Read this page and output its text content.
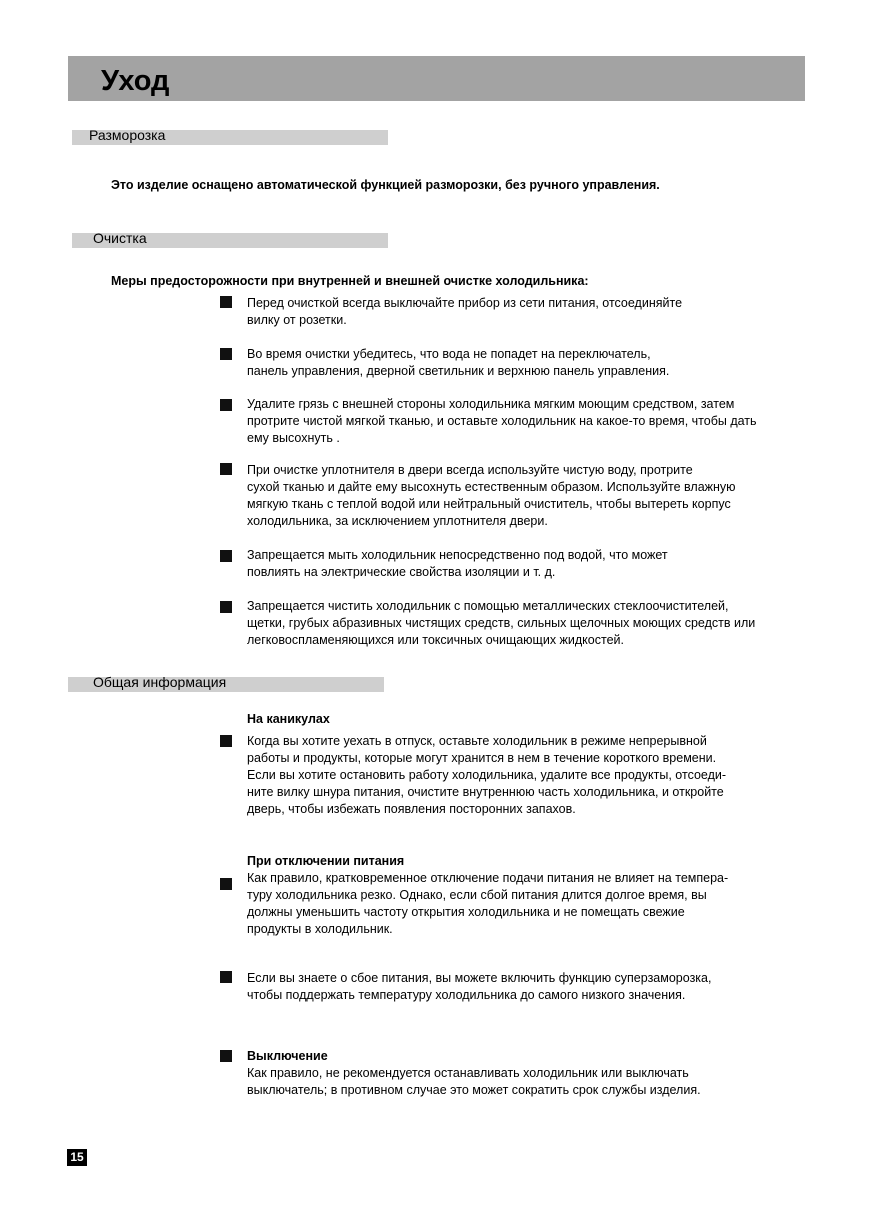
Уход
Разморозка
Это изделие оснащено автоматической функцией разморозки, без ручного управления.
Очистка
Меры предосторожности при внутренней и внешней очистке холодильника:
Перед очисткой всегда выключайте прибор из сети питания, отсоединяйте
вилку от розетки.
Во время очистки убедитесь, что вода не попадет на переключатель,
панель управления, дверной светильник и верхнюю панель управления.
Удалите грязь с внешней стороны холодильника мягким моющим средством, затем
протрите чистой мягкой тканью, и оставьте холодильник на какое-то время, чтобы дать
ему высохнуть .
При очистке уплотнителя в двери всегда используйте чистую воду, протрите
сухой тканью и дайте ему высохнуть естественным образом. Используйте влажную
мягкую ткань с теплой водой или нейтральный очиститель, чтобы вытереть корпус
холодильника, за исключением уплотнителя двери.
Запрещается мыть холодильник непосредственно под водой, что может
повлиять на электрические свойства изоляции и т. д.
Запрещается чистить холодильник с помощью металлических стеклоочистителей,
щетки, грубых абразивных чистящих средств, сильных щелочных моющих средств или
легковоспламеняющихся или токсичных очищающих жидкостей.
Общая информация
На каникулах
Когда вы хотите уехать в отпуск, оставьте холодильник в режиме непрерывной
работы и продукты, которые могут хранится в нем в течение короткого времени.
Если вы хотите остановить работу холодильника, удалите все продукты, отсоеди-
ните вилку шнура питания, очистите внутреннюю часть холодильника, и откройте
дверь, чтобы избежать появления посторонних запахов.
При отключении питания
Как правило, кратковременное отключение подачи питания не влияет на темпера-
туру холодильника резко. Однако, если сбой питания длится долгое время, вы
должны уменьшить частоту открытия холодильника и не помещать свежие
продукты в холодильник.
Если вы знаете о сбое питания, вы можете включить функцию суперзаморозка,
чтобы поддержать температуру холодильника до самого низкого значения.
Выключение
Как правило, не рекомендуется останавливать холодильник или выключать
выключатель; в противном случае это может сократить срок службы изделия.
15
